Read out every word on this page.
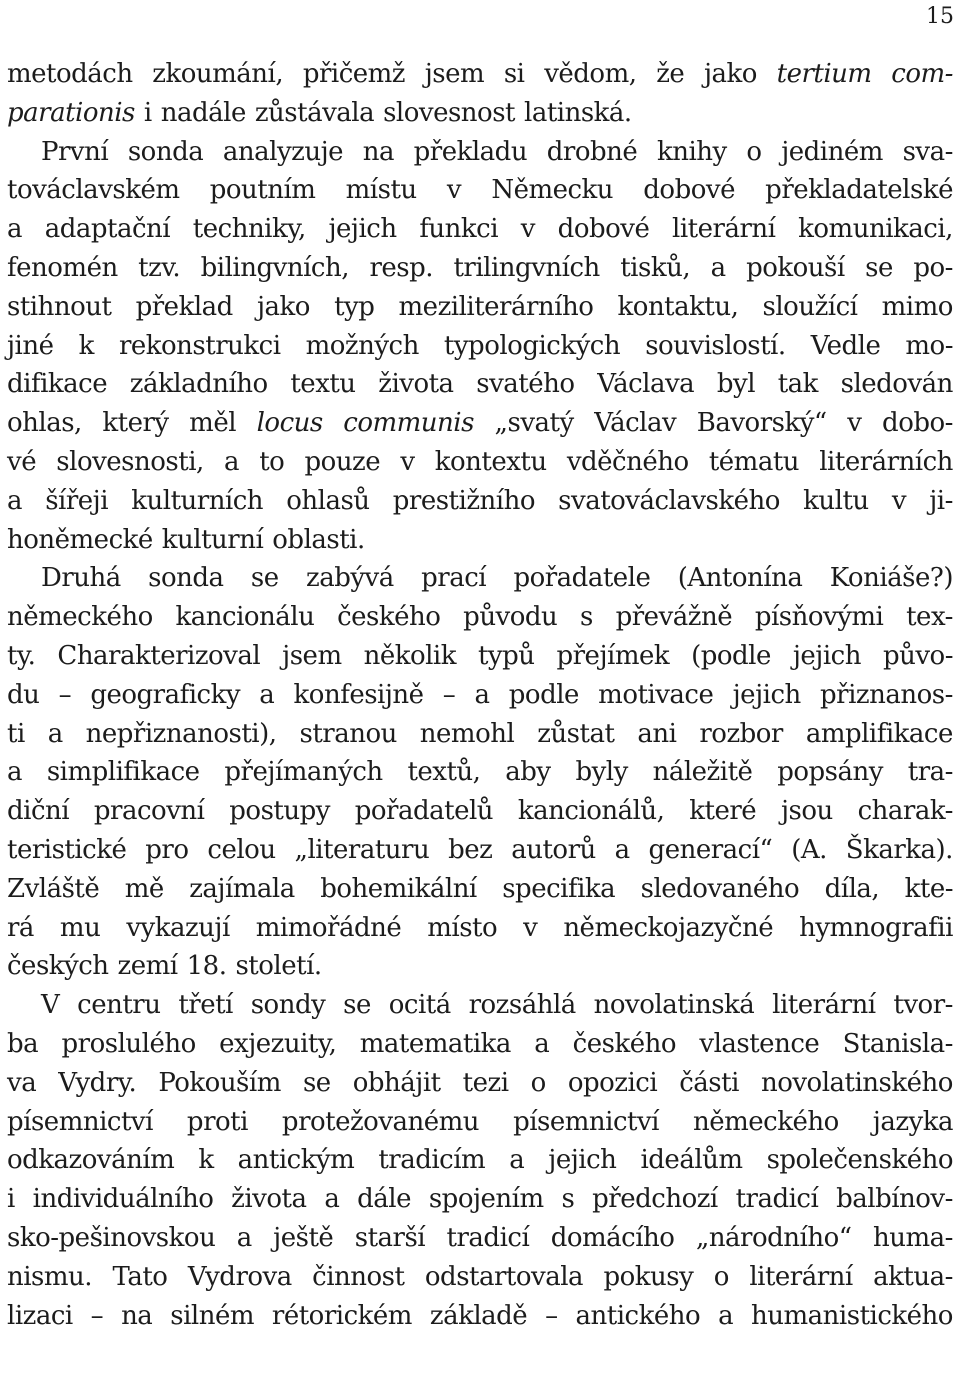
15
metodách zkoumání, přičemž jsem si vědom, že jako tertium com-
parationis i nadále zůstávala slovesnost latinská.
První sonda analyzuje na překladu drobné knihy o jediném sva-
továclavském poutním místu v Německu dobové překladatelské
a adaptační techniky, jejich funkci v dobové literární komunikaci,
fenomén tzv. bilingvních, resp. trilingvních tisků, a pokouší se po-
stihnout překlad jako typ meziliterárního kontaktu, sloužící mimo
jiné k rekonstrukci možných typologických souvislostí. Vedle mo-
difikace základního textu života svatého Václava byl tak sledován
ohlas, který měl locus communis „svatý Václav Bavorský“ v dobo-
vé slovesnosti, a to pouze v kontextu vděčného tématu literárních
a šířeji kulturních ohlasů prestižního svatováclavského kultu v ji-
honěmecké kulturní oblasti.
Druhá sonda se zabývá prací pořadatele (Antonína Koniáše?)
německého kancionálu českého původu s převážně písňovými tex-
ty. Charakterizoval jsem několik typů přejímek (podle jejich půvo-
du – geograficky a konfesijně – a podle motivace jejich přiznanos-
ti a nepřiznanosti), stranou nemohl zůstat ani rozbor amplifikace
a simplifikace přejímaných textů, aby byly náležitě popsány tra-
diční pracovní postupy pořadatelů kancionálů, které jsou charak-
teristické pro celou „literaturu bez autorů a generací“ (A. Škarka).
Zvláště mě zajímala bohemikální specifika sledovaného díla, kte-
rá mu vykazují mimořádné místo v německojazyčné hymnografii
českých zemí 18. století.
V centru třetí sondy se ocitá rozsáhlá novolatinská literární tvor-
ba proslulého exjezuity, matematika a českého vlastence Stanisla-
va Vydry. Pokouším se obhájit tezi o opozici části novolatinského
písemnictví proti protežovanému písemnictví německého jazyka
odkazováním k antickým tradicím a jejich ideálům společenského
i individuálního života a dále spojením s předchozí tradicí balbínov-
sko-pešinovskou a ještě starší tradicí domácího „národního“ huma-
nismu. Tato Vydrova činnost odstartovala pokusy o literární aktua-
lizaci – na silném rétorickém základě – antického a humanistického
